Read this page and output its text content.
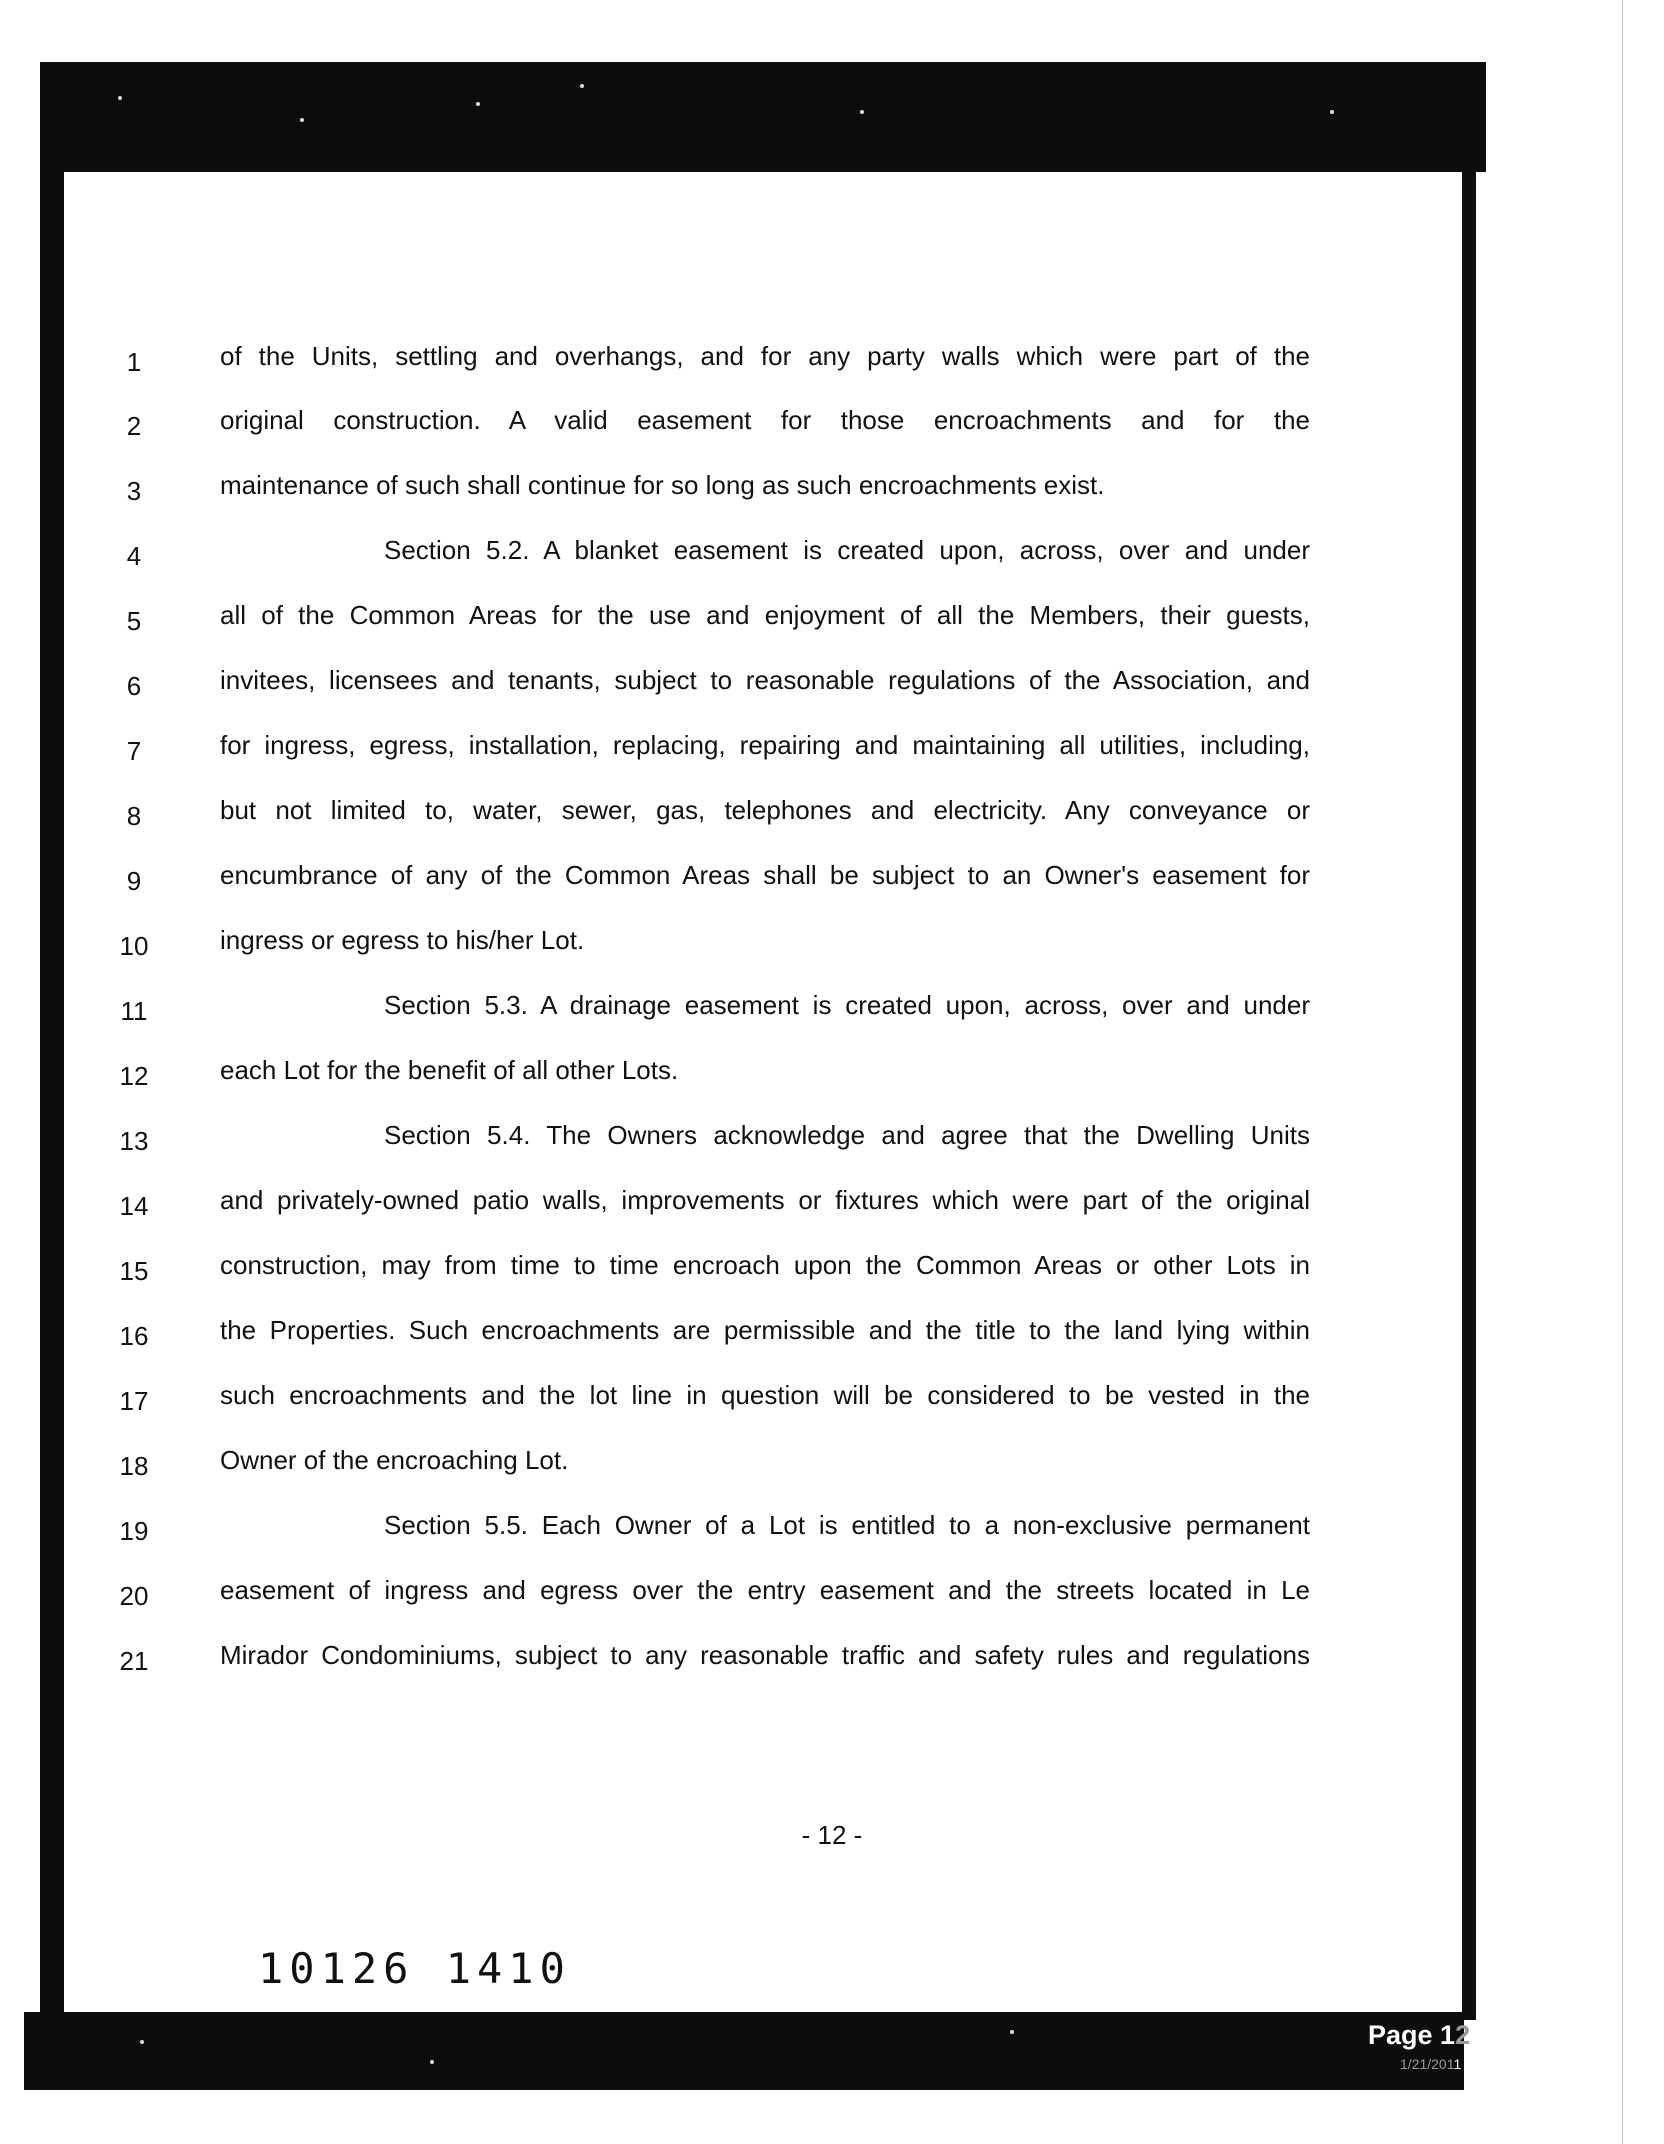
1	of the Units, settling and overhangs, and for any party walls which were part of the
2	original construction. A valid easement for those encroachments and for the
3	maintenance of such shall continue for so long as such encroachments exist.
4	Section 5.2. A blanket easement is created upon, across, over and under
5	all of the Common Areas for the use and enjoyment of all the Members, their guests,
6	invitees, licensees and tenants, subject to reasonable regulations of the Association, and
7	for ingress, egress, installation, replacing, repairing and maintaining all utilities, including,
8	but not limited to, water, sewer, gas, telephones and electricity. Any conveyance or
9	encumbrance of any of the Common Areas shall be subject to an Owner's easement for
10	ingress or egress to his/her Lot.
11	Section 5.3. A drainage easement is created upon, across, over and under
12	each Lot for the benefit of all other Lots.
13	Section 5.4. The Owners acknowledge and agree that the Dwelling Units
14	and privately-owned patio walls, improvements or fixtures which were part of the original
15	construction, may from time to time encroach upon the Common Areas or other Lots in
16	the Properties. Such encroachments are permissible and the title to the land lying within
17	such encroachments and the lot line in question will be considered to be vested in the
18	Owner of the encroaching Lot.
19	Section 5.5. Each Owner of a Lot is entitled to a non-exclusive permanent
20	easement of ingress and egress over the entry easement and the streets located in Le
21	Mirador Condominiums, subject to any reasonable traffic and safety rules and regulations
- 12 -
10126 1410
Page 12 of 46
1/21/2011 11:49 AM
